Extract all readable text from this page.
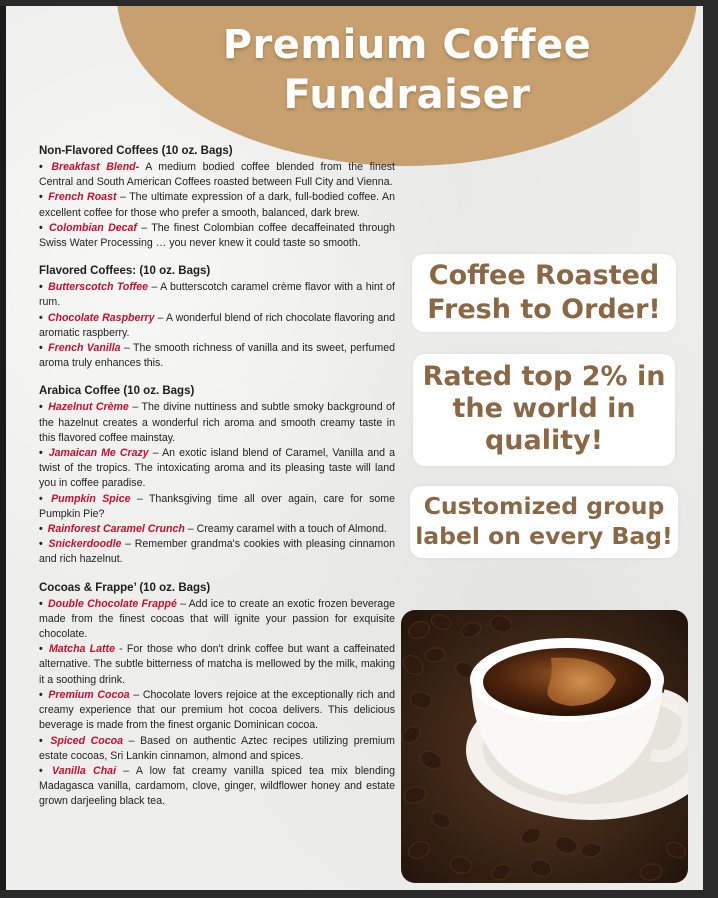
Premium Coffee
Fundraiser
Non-Flavored Coffees (10 oz. Bags)
• Breakfast Blend- A medium bodied coffee blended from the finest Central and South American Coffees roasted between Full City and Vienna.
• French Roast – The ultimate expression of a dark, full-bodied coffee. An excellent coffee for those who prefer a smooth, balanced, dark brew.
• Colombian Decaf – The finest Colombian coffee decaffeinated through Swiss Water Processing … you never knew it could taste so smooth.
Flavored Coffees: (10 oz. Bags)
• Butterscotch Toffee – A butterscotch caramel crème flavor with a hint of rum.
• Chocolate Raspberry – A wonderful blend of rich chocolate flavoring and aromatic raspberry.
• French Vanilla – The smooth richness of vanilla and its sweet, perfumed aroma truly enhances this.
Arabica Coffee (10 oz. Bags)
• Hazelnut Crème – The divine nuttiness and subtle smoky background of the hazelnut creates a wonderful rich aroma and smooth creamy taste in this flavored coffee mainstay.
• Jamaican Me Crazy – An exotic island blend of Caramel, Vanilla and a twist of the tropics. The intoxicating aroma and its pleasing taste will land you in coffee paradise.
• Pumpkin Spice – Thanksgiving time all over again, care for some Pumpkin Pie?
• Rainforest Caramel Crunch – Creamy caramel with a touch of Almond.
• Snickerdoodle – Remember grandma's cookies with pleasing cinnamon and rich hazelnut.
Cocoas & Frappe’ (10 oz. Bags)
• Double Chocolate Frappé – Add ice to create an exotic frozen beverage made from the finest cocoas that will ignite your passion for exquisite chocolate.
• Matcha Latte - For those who don't drink coffee but want a caffeinated alternative. The subtle bitterness of matcha is mellowed by the milk, making it a soothing drink.
• Premium Cocoa – Chocolate lovers rejoice at the exceptionally rich and creamy experience that our premium hot cocoa delivers. This delicious beverage is made from the finest organic Dominican cocoa.
• Spiced Cocoa – Based on authentic Aztec recipes utilizing premium estate cocoas, Sri Lankin cinnamon, almond and spices.
• Vanilla Chai – A low fat creamy vanilla spiced tea mix blending Madagasca vanilla, cardamom, clove, ginger, wildflower honey and estate grown darjeeling black tea.
Coffee Roasted
Fresh to Order!
Rated top 2% in
the world in
quality!
Customized group
label on every Bag!
